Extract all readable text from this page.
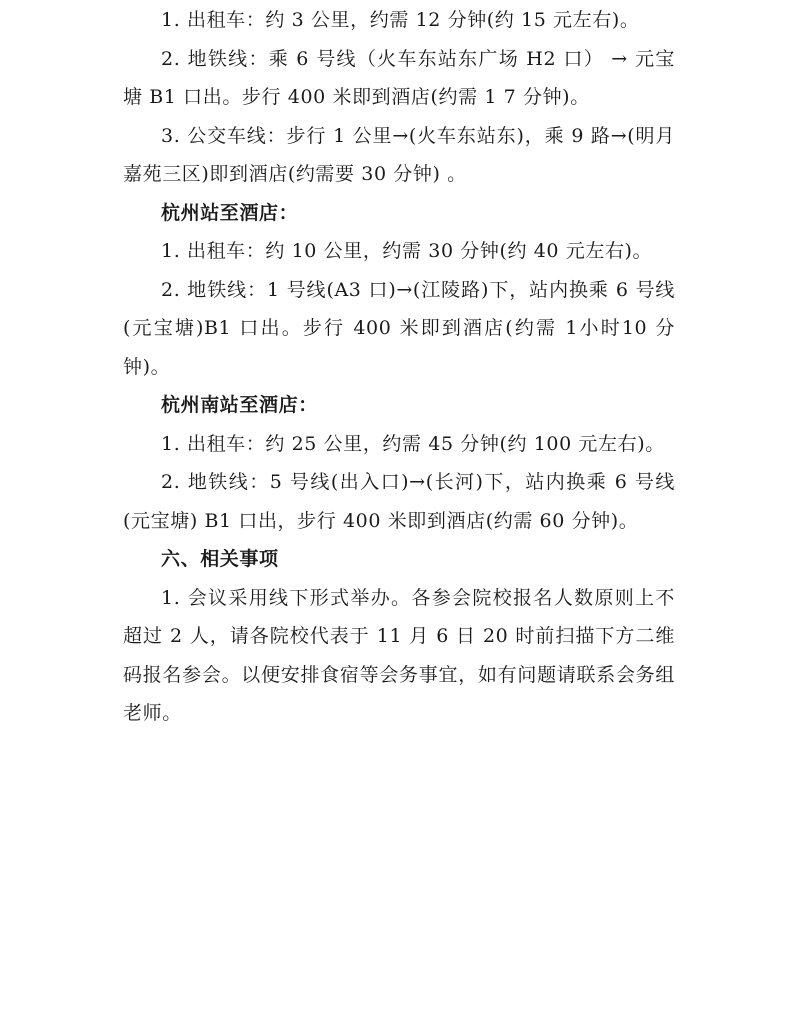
1. 出租车：约 3 公里，约需 12 分钟(约 15 元左右)。

2. 地铁线：乘 6 号线（火车东站东广场 H2 口） → 元宝塘 B1 口出。步行 400 米即到酒店(约需 1 7 分钟)。

3. 公交车线：步行 1 公里→(火车东站东)，乘 9 路→(明月嘉苑三区)即到酒店(约需要 30 分钟) 。

杭州站至酒店：

1. 出租车：约 10 公里，约需 30 分钟(约 40 元左右)。

2. 地铁线：1 号线(A3 口)→(江陵路)下，站内换乘 6 号线(元宝塘)B1 口出。步行 400 米即到酒店(约需 1小时10 分钟)。

杭州南站至酒店：

1. 出租车：约 25 公里，约需 45 分钟(约 100 元左右)。

2. 地铁线：5 号线(出入口)→(长河)下，站内换乘 6 号线(元宝塘) B1 口出，步行 400 米即到酒店(约需 60 分钟)。

六、相关事项

1. 会议采用线下形式举办。各参会院校报名人数原则上不超过 2 人，请各院校代表于 11 月 6 日 20 时前扫描下方二维码报名参会。以便安排食宿等会务事宜，如有问题请联系会务组老师。
